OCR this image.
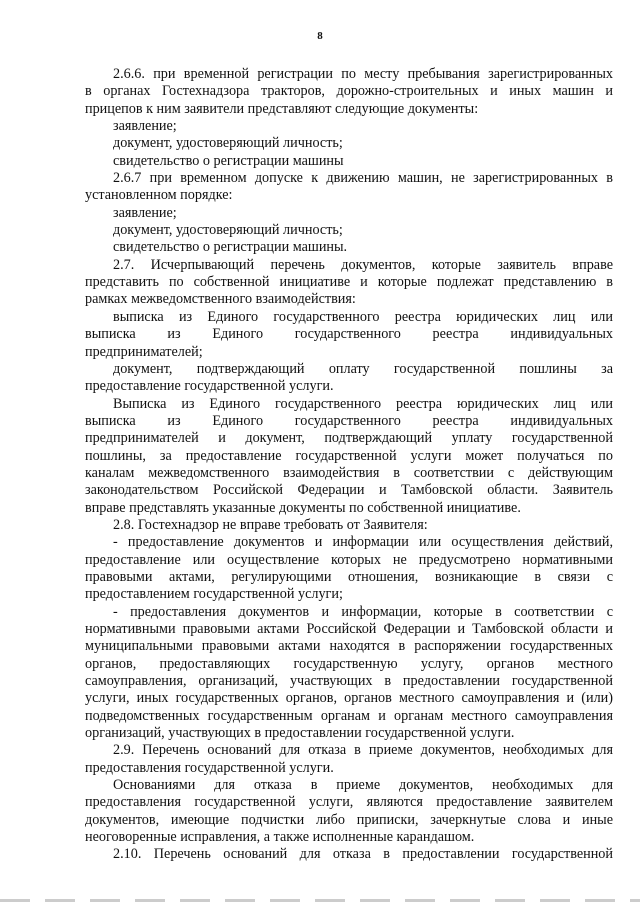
8
2.6.6. при временной регистрации по месту пребывания зарегистрированных
в органах Гостехнадзора тракторов, дорожно-строительных и иных машин и
прицепов к ним заявители представляют следующие документы:
заявление;
документ, удостоверяющий личность;
свидетельство о регистрации машины
2.6.7 при временном допуске к движению машин, не зарегистрированных в
установленном порядке:
заявление;
документ, удостоверяющий личность;
свидетельство о регистрации машины.
2.7. Исчерпывающий перечень документов, которые заявитель вправе
представить по собственной инициативе и которые подлежат представлению в
рамках межведомственного взаимодействия:
выписка из Единого государственного реестра юридических лиц или
выписка из Единого государственного реестра индивидуальных
предпринимателей;
документ, подтверждающий оплату государственной пошлины за
предоставление государственной услуги.
Выписка из Единого государственного реестра юридических лиц или
выписка из Единого государственного реестра индивидуальных
предпринимателей и документ, подтверждающий уплату государственной
пошлины, за предоставление государственной услуги может получаться по
каналам межведомственного взаимодействия в соответствии с действующим
законодательством Российской Федерации и Тамбовской области. Заявитель
вправе представлять указанные документы по собственной инициативе.
2.8. Гостехнадзор не вправе требовать от Заявителя:
- предоставление документов и информации или осуществления действий,
предоставление или осуществление которых не предусмотрено нормативными
правовыми актами, регулирующими отношения, возникающие в связи с
предоставлением государственной услуги;
- предоставления документов и информации, которые в соответствии с
нормативными правовыми актами Российской Федерации и Тамбовской области и
муниципальными правовыми актами находятся в распоряжении государственных
органов, предоставляющих государственную услугу, органов местного
самоуправления, организаций, участвующих в предоставлении государственной
услуги, иных государственных органов, органов местного самоуправления и (или)
подведомственных государственным органам и органам местного самоуправления
организаций, участвующих в предоставлении государственной услуги.
2.9. Перечень оснований для отказа в приеме документов, необходимых для
предоставления государственной услуги.
Основаниями для отказа в приеме документов, необходимых для
предоставления государственной услуги, являются предоставление заявителем
документов, имеющие подчистки либо приписки, зачеркнутые слова и иные
неоговоренные исправления, а также исполненные карандашом.
2.10. Перечень оснований для отказа в предоставлении государственной
